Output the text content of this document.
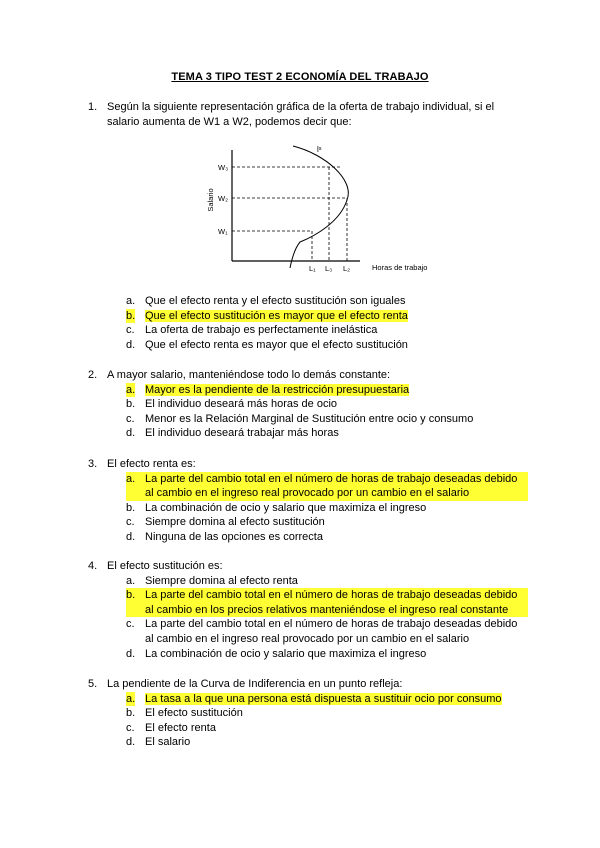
TEMA 3 TIPO TEST 2 ECONOMÍA DEL TRABAJO
1. Según la siguiente representación gráfica de la oferta de trabajo individual, si el salario aumenta de W1 a W2, podemos decir que:
Salario
Horas de trabajo
lˢ
W₃
W₂
W₁
L₁ L₃ L₂
a. Que el efecto renta y el efecto sustitución son iguales
b. Que el efecto sustitución es mayor que el efecto renta
c. La oferta de trabajo es perfectamente inelástica
d. Que el efecto renta es mayor que el efecto sustitución
2. A mayor salario, manteniéndose todo lo demás constante:
a. Mayor es la pendiente de la restricción presupuestaria
b. El individuo deseará más horas de ocio
c. Menor es la Relación Marginal de Sustitución entre ocio y consumo
d. El individuo deseará trabajar más horas
3. El efecto renta es:
a. La parte del cambio total en el número de horas de trabajo deseadas debido al cambio en el ingreso real provocado por un cambio en el salario
b. La combinación de ocio y salario que maximiza el ingreso
c. Siempre domina al efecto sustitución
d. Ninguna de las opciones es correcta
4. El efecto sustitución es:
a. Siempre domina al efecto renta
b. La parte del cambio total en el número de horas de trabajo deseadas debido al cambio en los precios relativos manteniéndose el ingreso real constante
c. La parte del cambio total en el número de horas de trabajo deseadas debido al cambio en el ingreso real provocado por un cambio en el salario
d. La combinación de ocio y salario que maximiza el ingreso
5. La pendiente de la Curva de Indiferencia en un punto refleja:
a. La tasa a la que una persona está dispuesta a sustituir ocio por consumo
b. El efecto sustitución
c. El efecto renta
d. El salario
